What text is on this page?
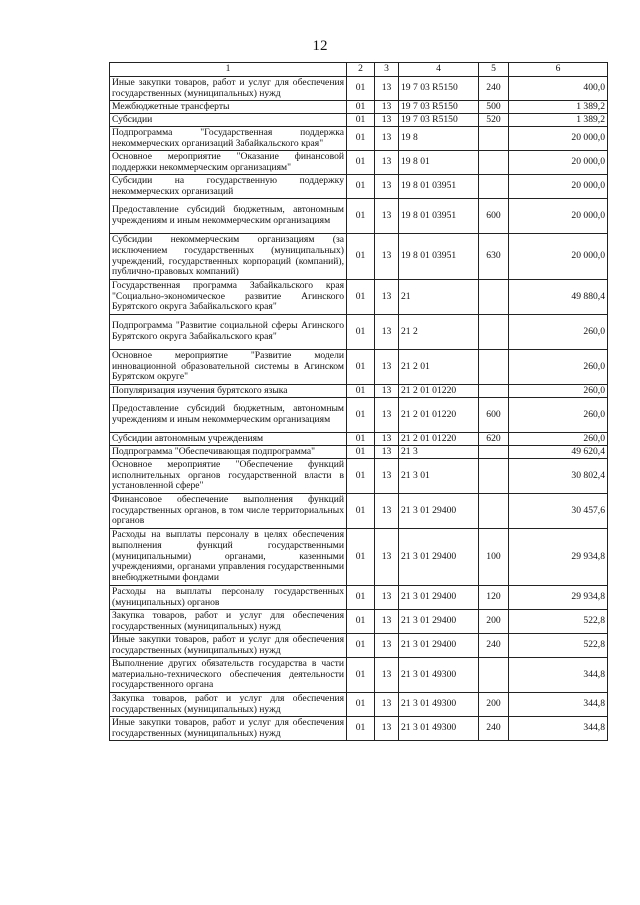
12
1	2	3	4	5	6
Иные закупки товаров, работ и услуг для обеспечения государственных (муниципальных) нужд	01	13	19 7 03 R5150	240	400,0
Межбюджетные трансферты	01	13	19 7 03 R5150	500	1 389,2
Субсидии	01	13	19 7 03 R5150	520	1 389,2
Подпрограмма "Государственная поддержка некоммерческих организаций Забайкальского края"	01	13	19 8		20 000,0
Основное мероприятие "Оказание финансовой поддержки некоммерческим организациям"	01	13	19 8 01		20 000,0
Субсидии на государственную поддержку некоммерческих организаций	01	13	19 8 01 03951		20 000,0
Предоставление субсидий бюджетным, автономным учреждениям и иным некоммерческим организациям	01	13	19 8 01 03951	600	20 000,0
Субсидии некоммерческим организациям (за исключением государственных (муниципальных) учреждений, государственных корпораций (компаний), публично-правовых компаний)	01	13	19 8 01 03951	630	20 000,0
Государственная программа Забайкальского края "Социально-экономическое развитие Агинского Бурятского округа Забайкальского края"	01	13	21		49 880,4
Подпрограмма "Развитие социальной сферы Агинского Бурятского округа Забайкальского края"	01	13	21 2		260,0
Основное мероприятие "Развитие модели инновационной образовательной системы в Агинском Бурятском округе"	01	13	21 2 01		260,0
Популяризация изучения бурятского языка	01	13	21 2 01 01220		260,0
Предоставление субсидий бюджетным, автономным учреждениям и иным некоммерческим организациям	01	13	21 2 01 01220	600	260,0
Субсидии автономным учреждениям	01	13	21 2 01 01220	620	260,0
Подпрограмма "Обеспечивающая подпрограмма"	01	13	21 3		49 620,4
Основное мероприятие "Обеспечение функций исполнительных органов государственной власти в установленной сфере"	01	13	21 3 01		30 802,4
Финансовое обеспечение выполнения функций государственных органов, в том числе территориальных органов	01	13	21 3 01 29400		30 457,6
Расходы на выплаты персоналу в целях обеспечения выполнения функций государственными (муниципальными) органами, казенными учреждениями, органами управления государственными внебюджетными фондами	01	13	21 3 01 29400	100	29 934,8
Расходы на выплаты персоналу государственных (муниципальных) органов	01	13	21 3 01 29400	120	29 934,8
Закупка товаров, работ и услуг для обеспечения государственных (муниципальных) нужд	01	13	21 3 01 29400	200	522,8
Иные закупки товаров, работ и услуг для обеспечения государственных (муниципальных) нужд	01	13	21 3 01 29400	240	522,8
Выполнение других обязательств государства в части материально-технического обеспечения деятельности государственного органа	01	13	21 3 01 49300		344,8
Закупка товаров, работ и услуг для обеспечения государственных (муниципальных) нужд	01	13	21 3 01 49300	200	344,8
Иные закупки товаров, работ и услуг для обеспечения государственных (муниципальных) нужд	01	13	21 3 01 49300	240	344,8
